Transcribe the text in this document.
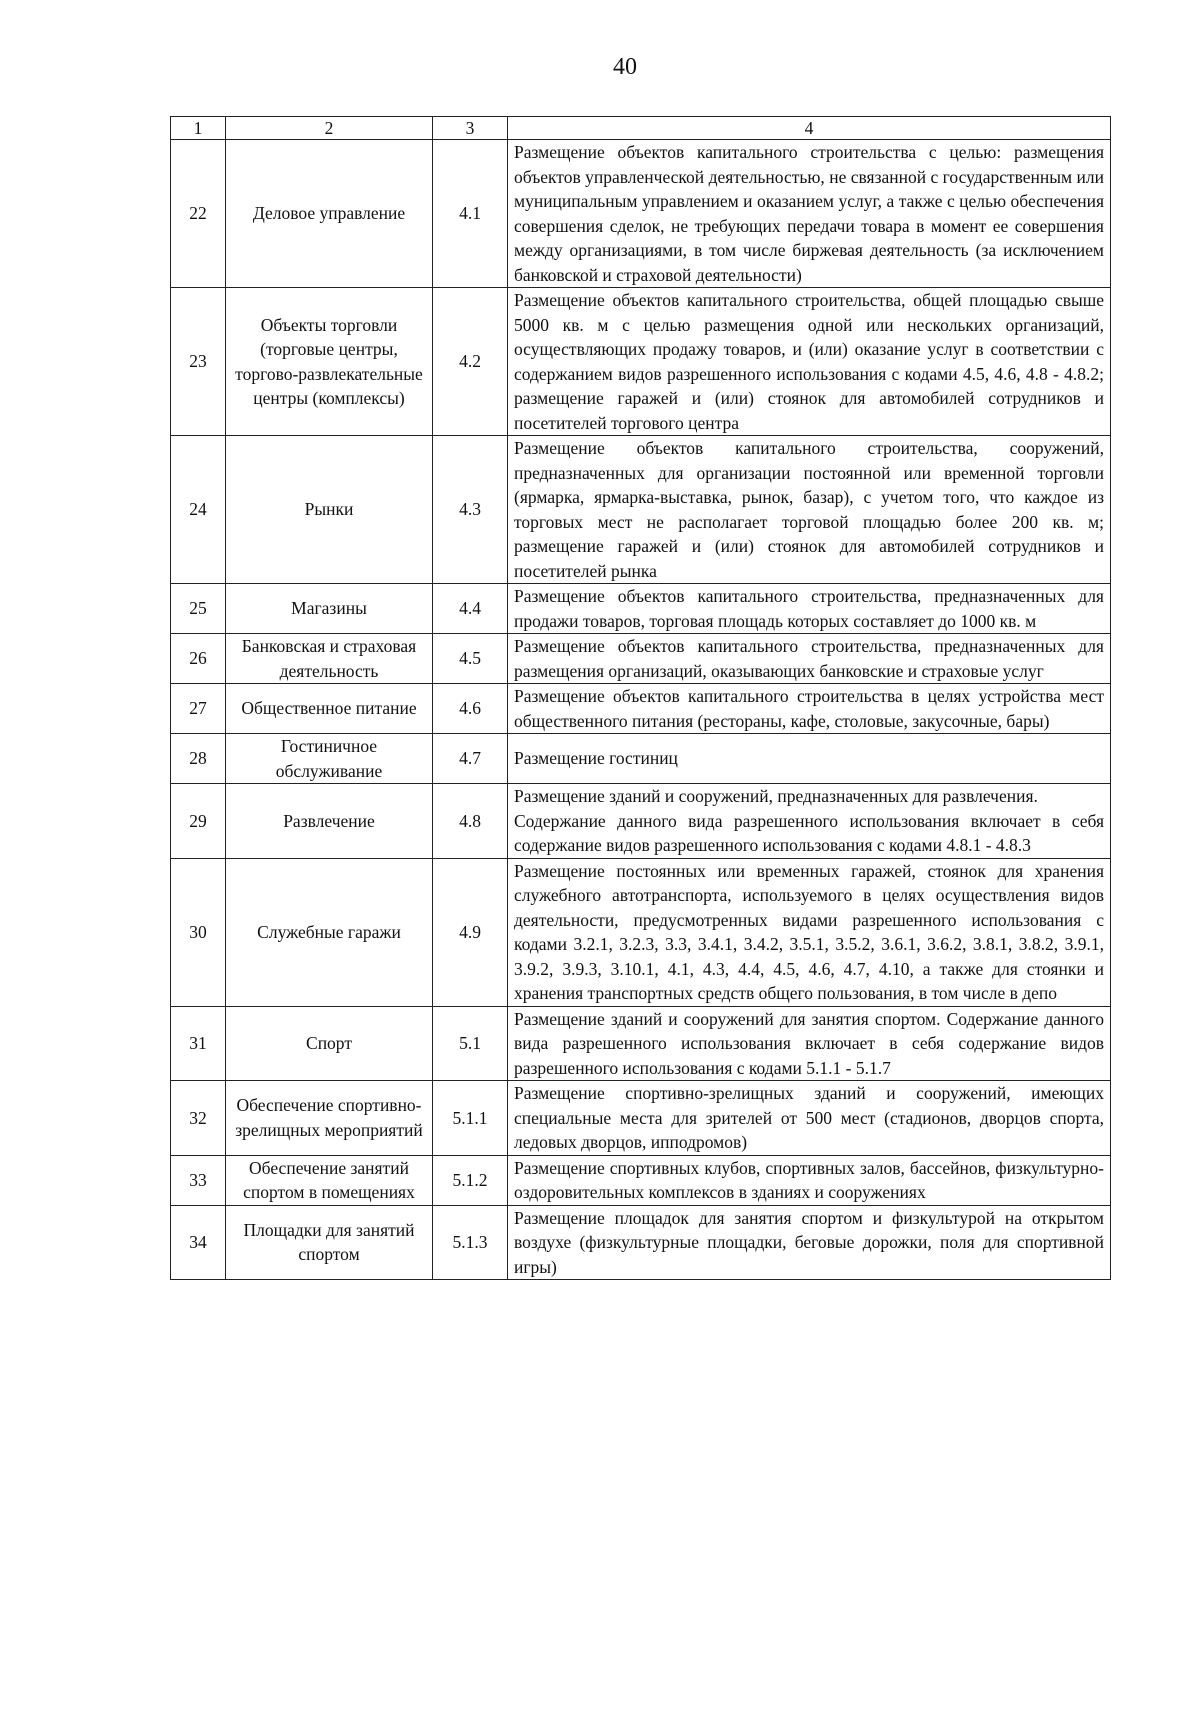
40
1	2	3	4
22	Деловое управление	4.1	Размещение объектов капитального строительства с целью: размещения объектов управленческой деятельностью, не связанной с государственным или муниципальным управлением и оказанием услуг, а также с целью обеспечения совершения сделок, не требующих передачи товара в момент ее совершения между организациями, в том числе биржевая деятельность (за исключением банковской и страховой деятельности)
23	Объекты торговли (торговые центры, торгово-развлекательные центры (комплексы)	4.2	Размещение объектов капитального строительства, общей площадью свыше 5000 кв. м с целью размещения одной или нескольких организаций, осуществляющих продажу товаров, и (или) оказание услуг в соответствии с содержанием видов разрешенного использования с кодами 4.5, 4.6, 4.8 - 4.8.2; размещение гаражей и (или) стоянок для автомобилей сотрудников и посетителей торгового центра
24	Рынки	4.3	Размещение объектов капитального строительства, сооружений, предназначенных для организации постоянной или временной торговли (ярмарка, ярмарка-выставка, рынок, базар), с учетом того, что каждое из торговых мест не располагает торговой площадью более 200 кв. м; размещение гаражей и (или) стоянок для автомобилей сотрудников и посетителей рынка
25	Магазины	4.4	Размещение объектов капитального строительства, предназначенных для продажи товаров, торговая площадь которых составляет до 1000 кв. м
26	Банковская и страховая деятельность	4.5	Размещение объектов капитального строительства, предназначенных для размещения организаций, оказывающих банковские и страховые услуг
27	Общественное питание	4.6	Размещение объектов капитального строительства в целях устройства мест общественного питания (рестораны, кафе, столовые, закусочные, бары)
28	Гостиничное обслуживание	4.7	Размещение гостиниц
29	Развлечение	4.8	Размещение зданий и сооружений, предназначенных для развлечения.
Содержание данного вида разрешенного использования включает в себя содержание видов разрешенного использования с кодами 4.8.1 - 4.8.3

30	Служебные гаражи	4.9	Размещение постоянных или временных гаражей, стоянок для хранения служебного автотранспорта, используемого в целях осуществления видов деятельности, предусмотренных видами разрешенного использования с кодами 3.2.1, 3.2.3, 3.3, 3.4.1, 3.4.2, 3.5.1, 3.5.2, 3.6.1, 3.6.2, 3.8.1, 3.8.2, 3.9.1, 3.9.2, 3.9.3, 3.10.1, 4.1, 4.3, 4.4, 4.5, 4.6, 4.7, 4.10, а также для стоянки и хранения транспортных средств общего пользования, в том числе в депо
31	Спорт	5.1	Размещение зданий и сооружений для занятия спортом. Содержание данного вида разрешенного использования включает в себя содержание видов разрешенного использования с кодами 5.1.1 - 5.1.7
32	Обеспечение спортивно-зрелищных мероприятий	5.1.1	Размещение спортивно-зрелищных зданий и сооружений, имеющих специальные места для зрителей от 500 мест (стадионов, дворцов спорта, ледовых дворцов, ипподромов)
33	Обеспечение занятий спортом в помещениях	5.1.2	Размещение спортивных клубов, спортивных залов, бассейнов, физкультурно-оздоровительных комплексов в зданиях и сооружениях
34	Площадки для занятий спортом	5.1.3	Размещение площадок для занятия спортом и физкультурой на открытом воздухе (физкультурные площадки, беговые дорожки, поля для спортивной игры)
